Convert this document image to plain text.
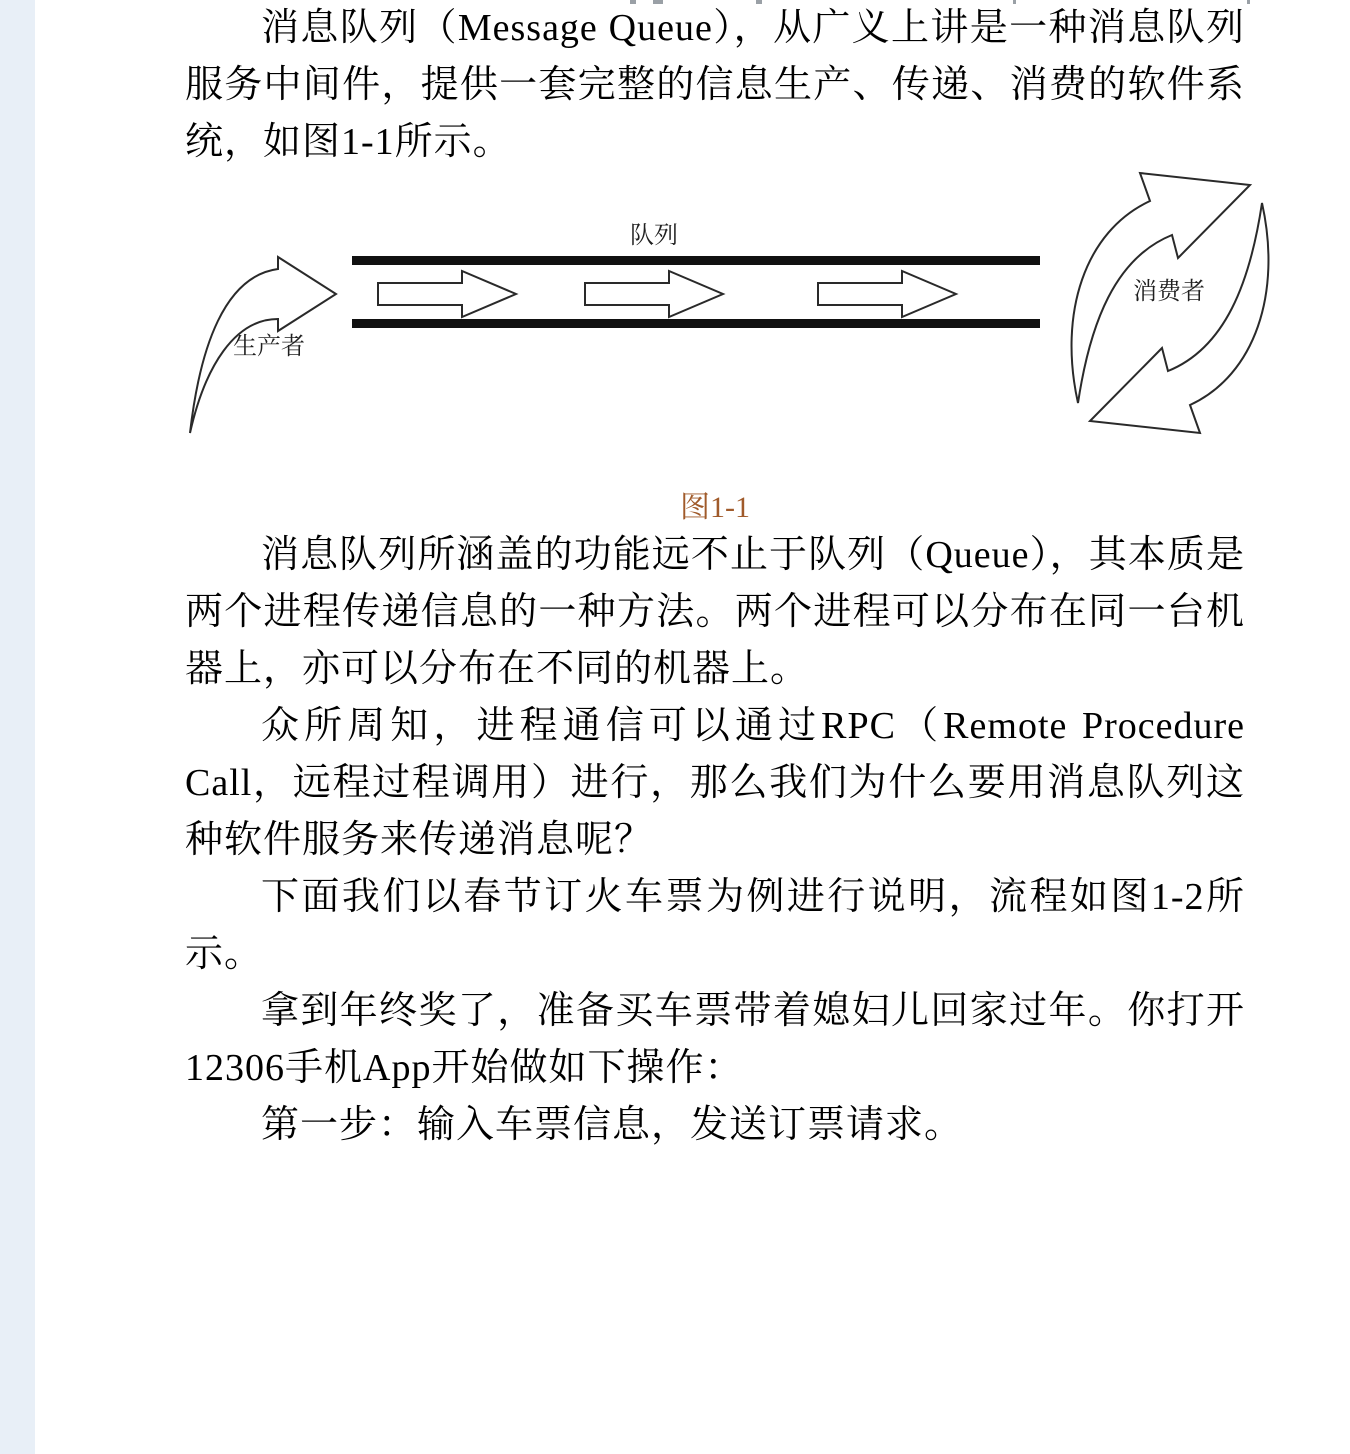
消息队列（Message Queue），从广义上讲是一种消息队列服务中间件，提供一套完整的信息生产、传递、消费的软件系统，如图1-1所示。

队列
生产者
消费者
图1-1

消息队列所涵盖的功能远不止于队列（Queue），其本质是两个进程传递信息的一种方法。两个进程可以分布在同一台机器上，亦可以分布在不同的机器上。

众所周知，进程通信可以通过RPC（Remote Procedure Call，远程过程调用）进行，那么我们为什么要用消息队列这种软件服务来传递消息呢？

下面我们以春节订火车票为例进行说明，流程如图1-2所示。

拿到年终奖了，准备买车票带着媳妇儿回家过年。你打开12306手机App开始做如下操作：

第一步：输入车票信息，发送订票请求。
